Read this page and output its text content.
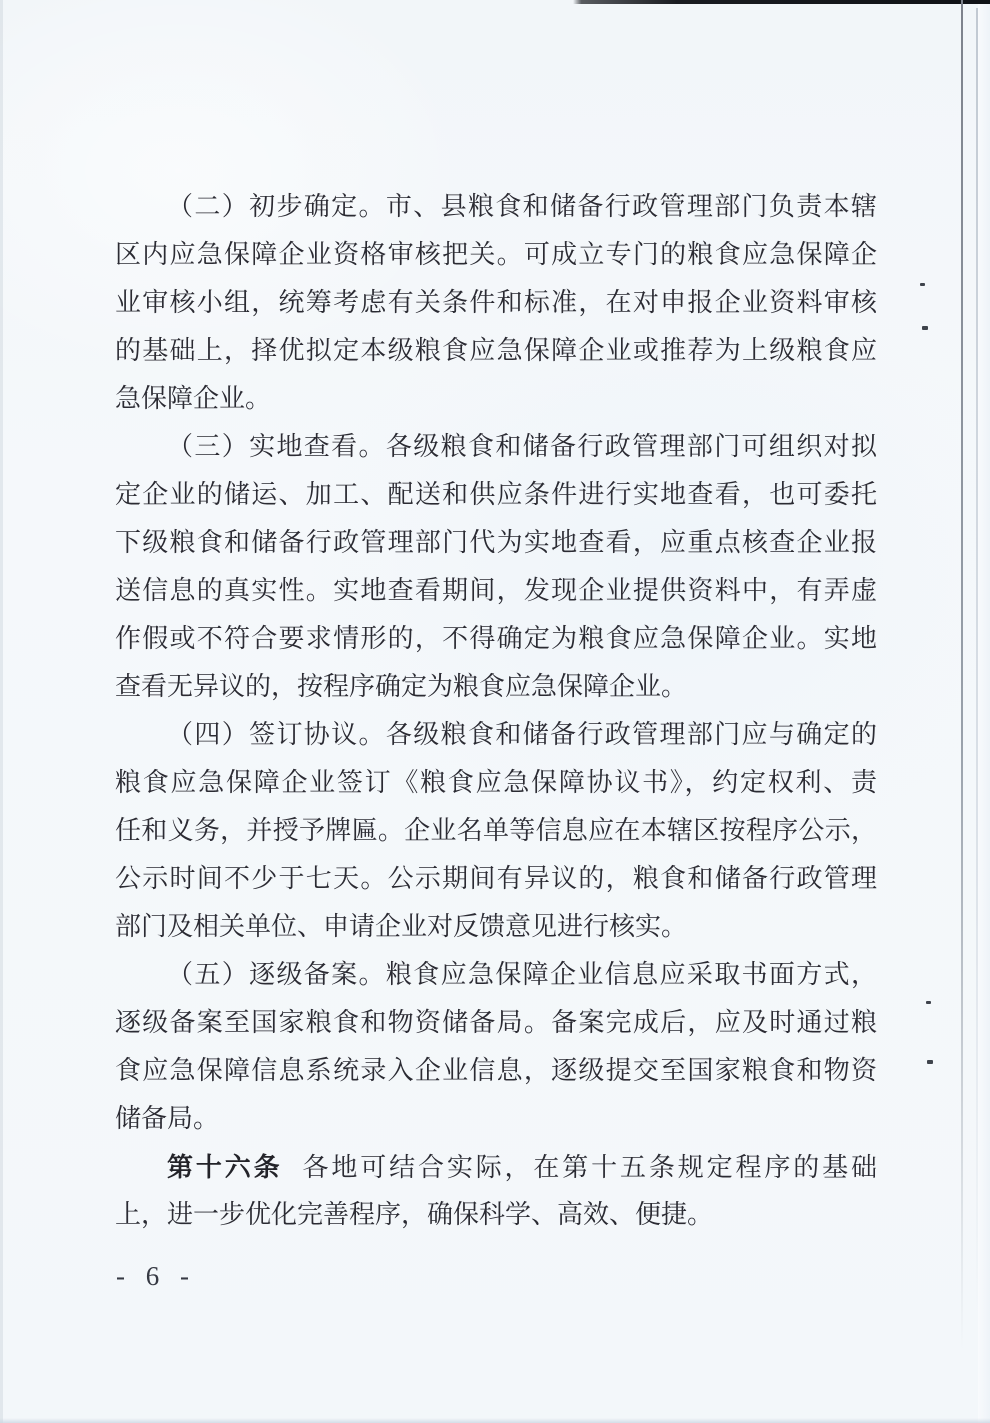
（二）初步确定。市、县粮食和储备行政管理部门负责本辖
区内应急保障企业资格审核把关。可成立专门的粮食应急保障企
业审核小组，统筹考虑有关条件和标准，在对申报企业资料审核
的基础上，择优拟定本级粮食应急保障企业或推荐为上级粮食应
急保障企业。
（三）实地查看。各级粮食和储备行政管理部门可组织对拟
定企业的储运、加工、配送和供应条件进行实地查看，也可委托
下级粮食和储备行政管理部门代为实地查看，应重点核查企业报
送信息的真实性。实地查看期间，发现企业提供资料中，有弄虚
作假或不符合要求情形的，不得确定为粮食应急保障企业。实地
查看无异议的，按程序确定为粮食应急保障企业。
（四）签订协议。各级粮食和储备行政管理部门应与确定的
粮食应急保障企业签订《粮食应急保障协议书》，约定权利、责
任和义务，并授予牌匾。企业名单等信息应在本辖区按程序公示，
公示时间不少于七天。公示期间有异议的，粮食和储备行政管理
部门及相关单位、申请企业对反馈意见进行核实。
（五）逐级备案。粮食应急保障企业信息应采取书面方式，
逐级备案至国家粮食和物资储备局。备案完成后，应及时通过粮
食应急保障信息系统录入企业信息，逐级提交至国家粮食和物资
储备局。
第十六条 各地可结合实际，在第十五条规定程序的基础
上，进一步优化完善程序，确保科学、高效、便捷。
- 6 -
